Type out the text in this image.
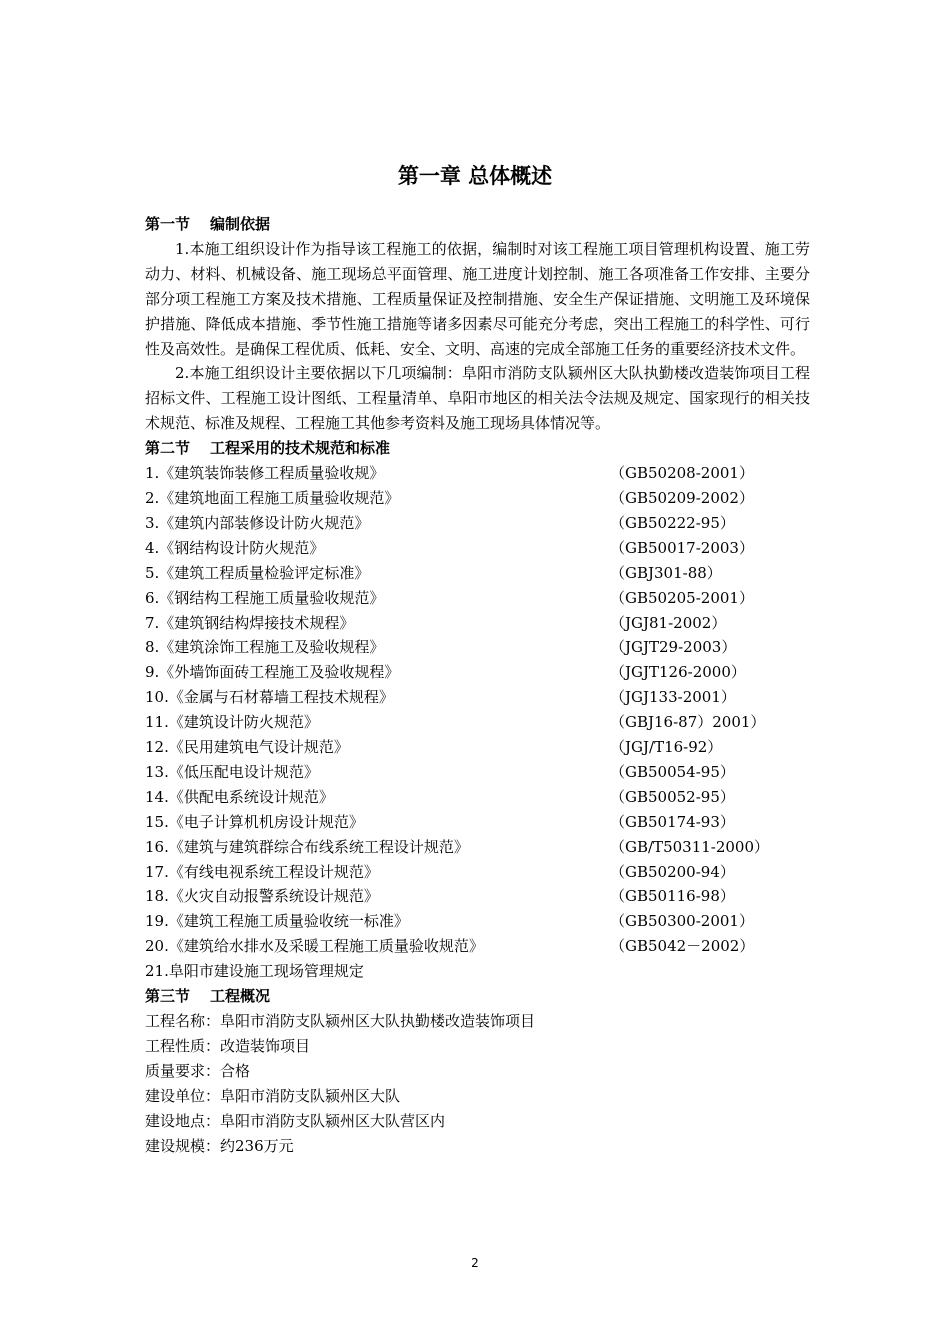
第一章 总体概述
第一节 编制依据

1.本施工组织设计作为指导该工程施工的依据，编制时对该工程施工项目管理机构设置、施工劳动力、材料、机械设备、施工现场总平面管理、施工进度计划控制、施工各项准备工作安排、主要分部分项工程施工方案及技术措施、工程质量保证及控制措施、安全生产保证措施、文明施工及环境保护措施、降低成本措施、季节性施工措施等诸多因素尽可能充分考虑，突出工程施工的科学性、可行性及高效性。是确保工程优质、低耗、安全、文明、高速的完成全部施工任务的重要经济技术文件。

2.本施工组织设计主要依据以下几项编制：阜阳市消防支队颍州区大队执勤楼改造装饰项目工程招标文件、工程施工设计图纸、工程量清单、阜阳市地区的相关法令法规及规定、国家现行的相关技术规范、标准及规程、工程施工其他参考资料及施工现场具体情况等。

第二节 工程采用的技术规范和标准
1.《建筑装饰装修工程质量验收规》	（GB50208-2001）
2.《建筑地面工程施工质量验收规范》	（GB50209-2002）
3.《建筑内部装修设计防火规范》	（GB50222-95）
4.《钢结构设计防火规范》	（GB50017-2003）
5.《建筑工程质量检验评定标准》	（GBJ301-88）
6.《钢结构工程施工质量验收规范》	（GB50205-2001）
7.《建筑钢结构焊接技术规程》	（JGJ81-2002）
8.《建筑涂饰工程施工及验收规程》	（JGJT29-2003）
9.《外墙饰面砖工程施工及验收规程》	（JGJT126-2000）
10.《金属与石材幕墙工程技术规程》	（JGJ133-2001）
11.《建筑设计防火规范》	（GBJ16-87）2001）
12.《民用建筑电气设计规范》	（JGJ/T16-92）
13.《低压配电设计规范》	（GB50054-95）
14.《供配电系统设计规范》	（GB50052-95）
15.《电子计算机机房设计规范》	（GB50174-93）
16.《建筑与建筑群综合布线系统工程设计规范》	（GB/T50311-2000）
17.《有线电视系统工程设计规范》	（GB50200-94）
18.《火灾自动报警系统设计规范》	（GB50116-98）
19.《建筑工程施工质量验收统一标准》	（GB50300-2001）
20.《建筑给水排水及采暖工程施工质量验收规范》	（GB5042－2002）
21.阜阳市建设施工现场管理规定
第三节 工程概况

工程名称：阜阳市消防支队颍州区大队执勤楼改造装饰项目

工程性质：改造装饰项目

质量要求：合格

建设单位：阜阳市消防支队颍州区大队

建设地点：阜阳市消防支队颍州区大队营区内

建设规模：约236万元

2
